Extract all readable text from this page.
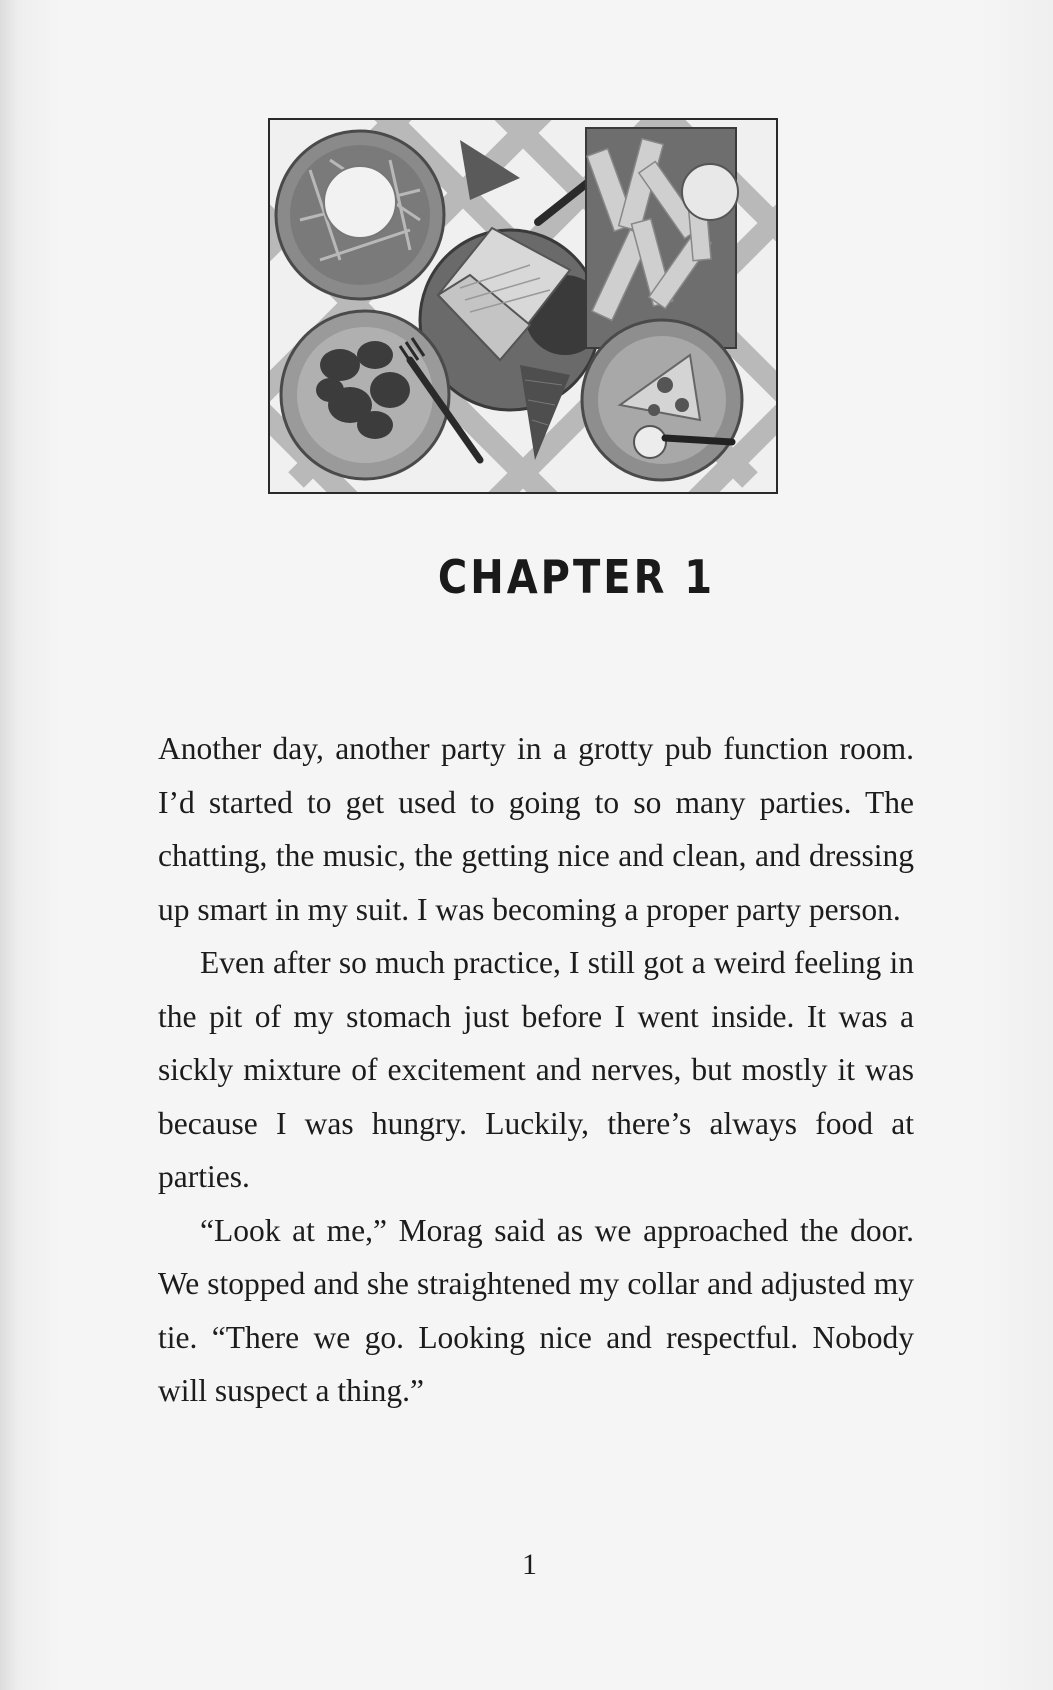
CHAPTER 1

Another day, another party in a grotty pub function room. I’d started to get used to going to so many parties. The chatting, the music, the getting nice and clean, and dressing up smart in my suit. I was becoming a proper party person.

Even after so much practice, I still got a weird feeling in the pit of my stomach just before I went inside. It was a sickly mixture of excitement and nerves, but mostly it was because I was hungry. Luckily, there’s always food at parties.

“Look at me,” Morag said as we approached the door. We stopped and she straightened my collar and adjusted my tie. “There we go. Looking nice and respectful. Nobody will suspect a thing.”

1
